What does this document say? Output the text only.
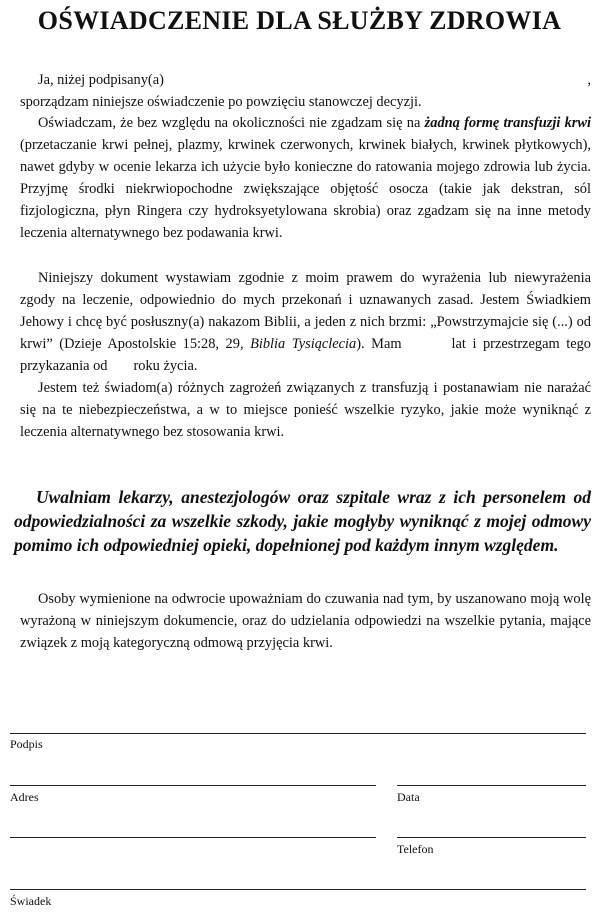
OŚWIADCZENIE DLA SŁUŻBY ZDROWIA
Ja, niżej podpisany(a)	,
sporządzam niniejsze oświadczenie po powzięciu stanowczej decyzji.
Oświadczam, że bez względu na okoliczności nie zgadzam się na żadną formę transfuzji krwi (przetaczanie krwi pełnej, plazmy, krwinek czerwonych, krwinek białych, krwinek płytkowych), nawet gdyby w ocenie lekarza ich użycie było konieczne do ratowania mojego zdrowia lub życia. Przyjmę środki niekrwiopochodne zwiększające objętość osocza (takie jak dekstran, sól fizjologiczna, płyn Ringera czy hydroksyetylowana skrobia) oraz zgadzam się na inne metody leczenia alternatywnego bez podawania krwi.
Niniejszy dokument wystawiam zgodnie z moim prawem do wyrażenia lub niewyrażenia zgody na leczenie, odpowiednio do mych przekonań i uznawanych zasad. Jestem Świadkiem Jehowy i chcę być posłuszny(a) nakazom Biblii, a jeden z nich brzmi: „Powstrzymajcie się (...) od krwi” (Dzieje Apostolskie 15:28, 29, Biblia Tysiąclecia). Mam	lat i przestrzegam tego przykazania od roku życia.
Jestem też świadom(a) różnych zagrożeń związanych z transfuzją i postanawiam nie narażać się na te niebezpieczeństwa, a w to miejsce ponieść wszelkie ryzyko, jakie może wyniknąć z leczenia alternatywnego bez stosowania krwi.
Uwalniam lekarzy, anestezjologów oraz szpitale wraz z ich personelem od odpowiedzialności za wszelkie szkody, jakie mogłyby wyniknąć z mojej odmowy pomimo ich odpowiedniej opieki, dopełnionej pod każdym innym względem.
Osoby wymienione na odwrocie upoważniam do czuwania nad tym, by uszanowano moją wolę wyrażoną w niniejszym dokumencie, oraz do udzielania odpowiedzi na wszelkie pytania, mające związek z moją kategoryczną odmową przyjęcia krwi.
Podpis
Adres	Data
Telefon
Świadek
